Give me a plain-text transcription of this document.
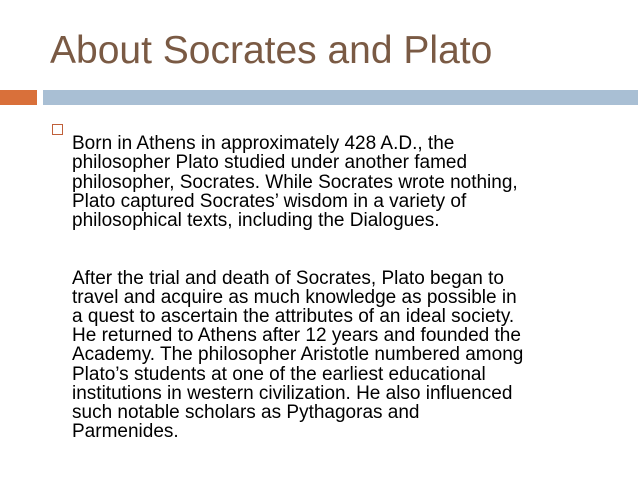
About Socrates and Plato

Born in Athens in approximately 428 A.D., the
philosopher Plato studied under another famed
philosopher, Socrates. While Socrates wrote nothing,
Plato captured Socrates’ wisdom in a variety of
philosophical texts, including the Dialogues.

After the trial and death of Socrates, Plato began to
travel and acquire as much knowledge as possible in
a quest to ascertain the attributes of an ideal society.
He returned to Athens after 12 years and founded the
Academy. The philosopher Aristotle numbered among
Plato’s students at one of the earliest educational
institutions in western civilization. He also influenced
such notable scholars as Pythagoras and
Parmenides.
